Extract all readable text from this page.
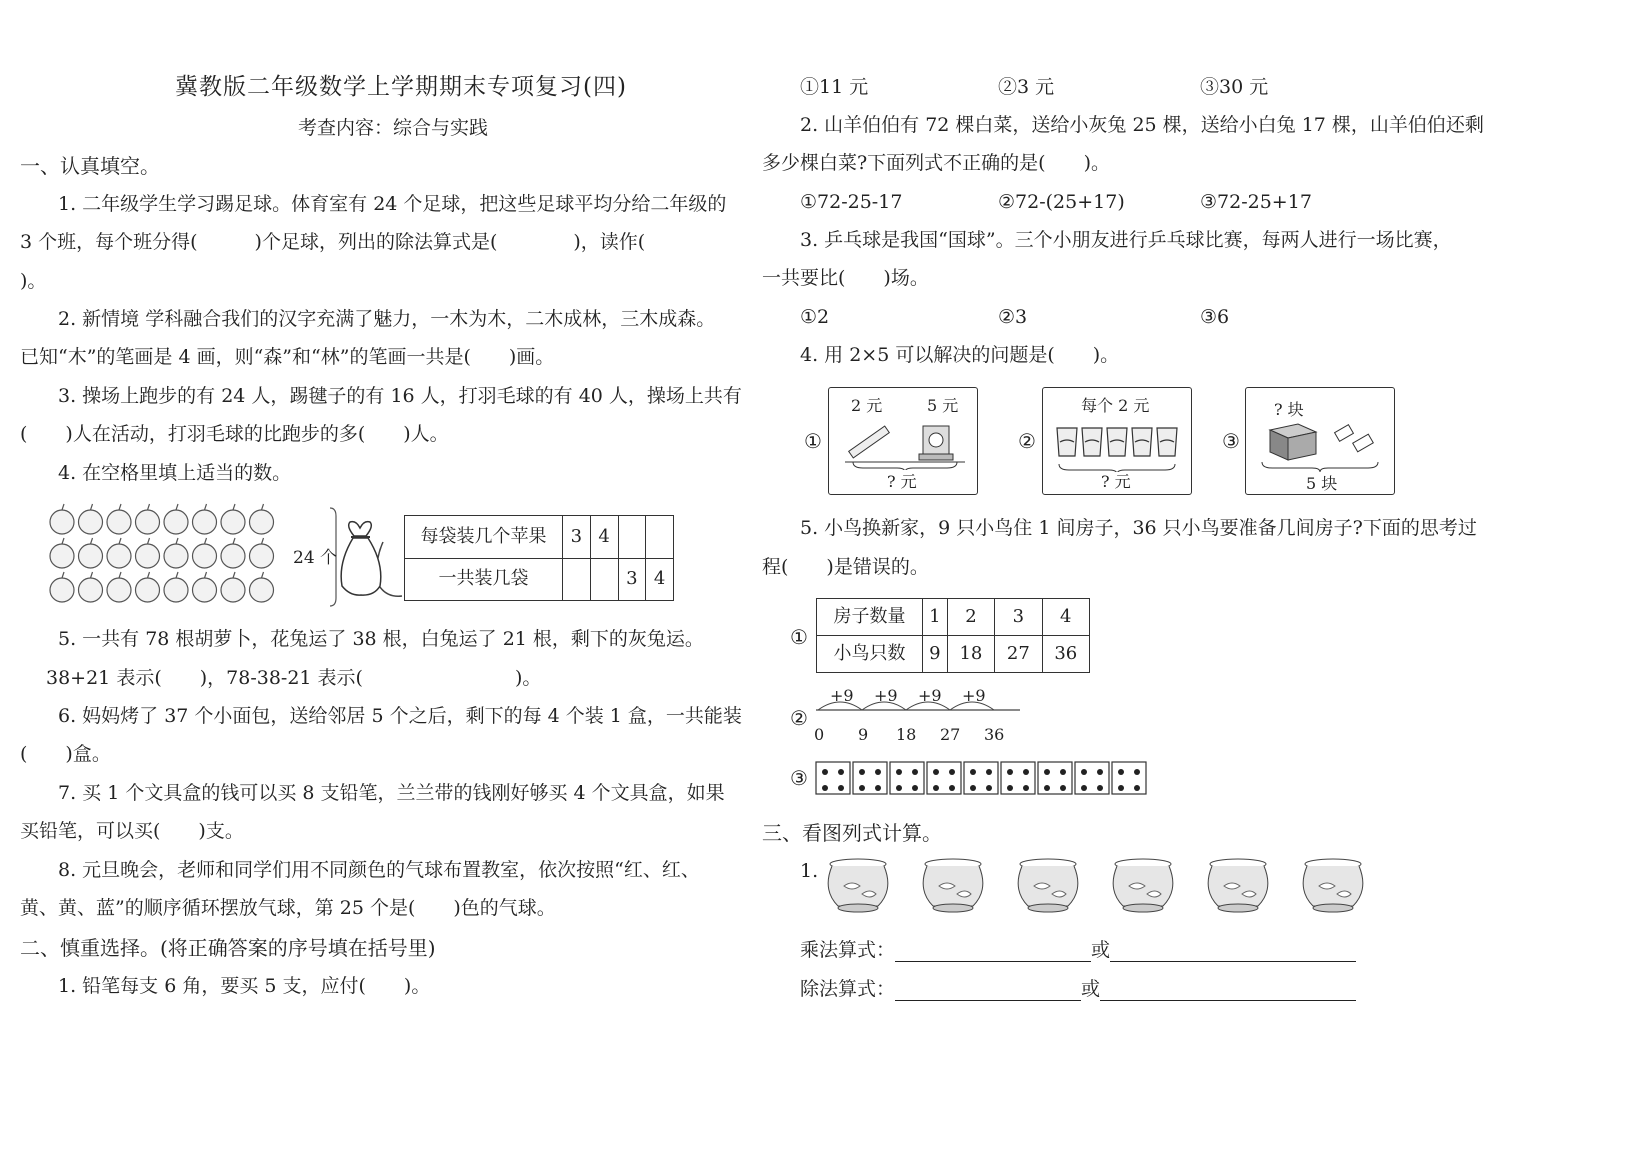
冀教版二年级数学上学期期末专项复习(四)
考查内容：综合与实践
一、认真填空。
1. 二年级学生学习踢足球。体育室有 24 个足球，把这些足球平均分给二年级的
3 个班，每个班分得(　　　)个足球，列出的除法算式是(　　　　)，读作(
)。
2. 新情境 学科融合我们的汉字充满了魅力，一木为木，二木成林，三木成森。
已知“木”的笔画是 4 画，则“森”和“林”的笔画一共是(　　)画。
3. 操场上跑步的有 24 人，踢毽子的有 16 人，打羽毛球的有 40 人，操场上共有
(　　)人在活动，打羽毛球的比跑步的多(　　)人。
4. 在空格里填上适当的数。
24 个
每袋装几个苹果	3	4		
一共装几袋			3	4
5. 一共有 78 根胡萝卜，花兔运了 38 根，白兔运了 21 根，剩下的灰兔运。
38+21 表示(　　)，78-38-21 表示(　　　　　　　　)。
6. 妈妈烤了 37 个小面包，送给邻居 5 个之后，剩下的每 4 个装 1 盒，一共能装
(　　)盒。
7. 买 1 个文具盒的钱可以买 8 支铅笔，兰兰带的钱刚好够买 4 个文具盒，如果
买铅笔，可以买(　　)支。
8. 元旦晚会，老师和同学们用不同颜色的气球布置教室，依次按照“红、红、
黄、黄、蓝”的顺序循环摆放气球，第 25 个是(　　)色的气球。
二、慎重选择。(将正确答案的序号填在括号里)
1. 铅笔每支 6 角，要买 5 支，应付(　　)。
①11 元	②3 元	③30 元
2. 山羊伯伯有 72 棵白菜，送给小灰兔 25 棵，送给小白兔 17 棵，山羊伯伯还剩
多少棵白菜?下面列式不正确的是(　　)。
①72-25-17	②72-(25+17)	③72-25+17
3. 乒乓球是我国“国球”。三个小朋友进行乒乓球比赛，每两人进行一场比赛，
一共要比(　　)场。
①2	②3	③6
4. 用 2×5 可以解决的问题是(　　)。
①
2 元	5 元
? 元
②
每个 2 元
? 元
③
? 块
5 块
5. 小鸟换新家，9 只小鸟住 1 间房子，36 只小鸟要准备几间房子?下面的思考过
程(　　)是错误的。
①
房子数量	1	2	3	4
小鸟只数	9	18	27	36
②
+9 +9 +9 +9
0 9 18 27 36
③
三、看图列式计算。
1.
乘法算式：	或
除法算式：	或
